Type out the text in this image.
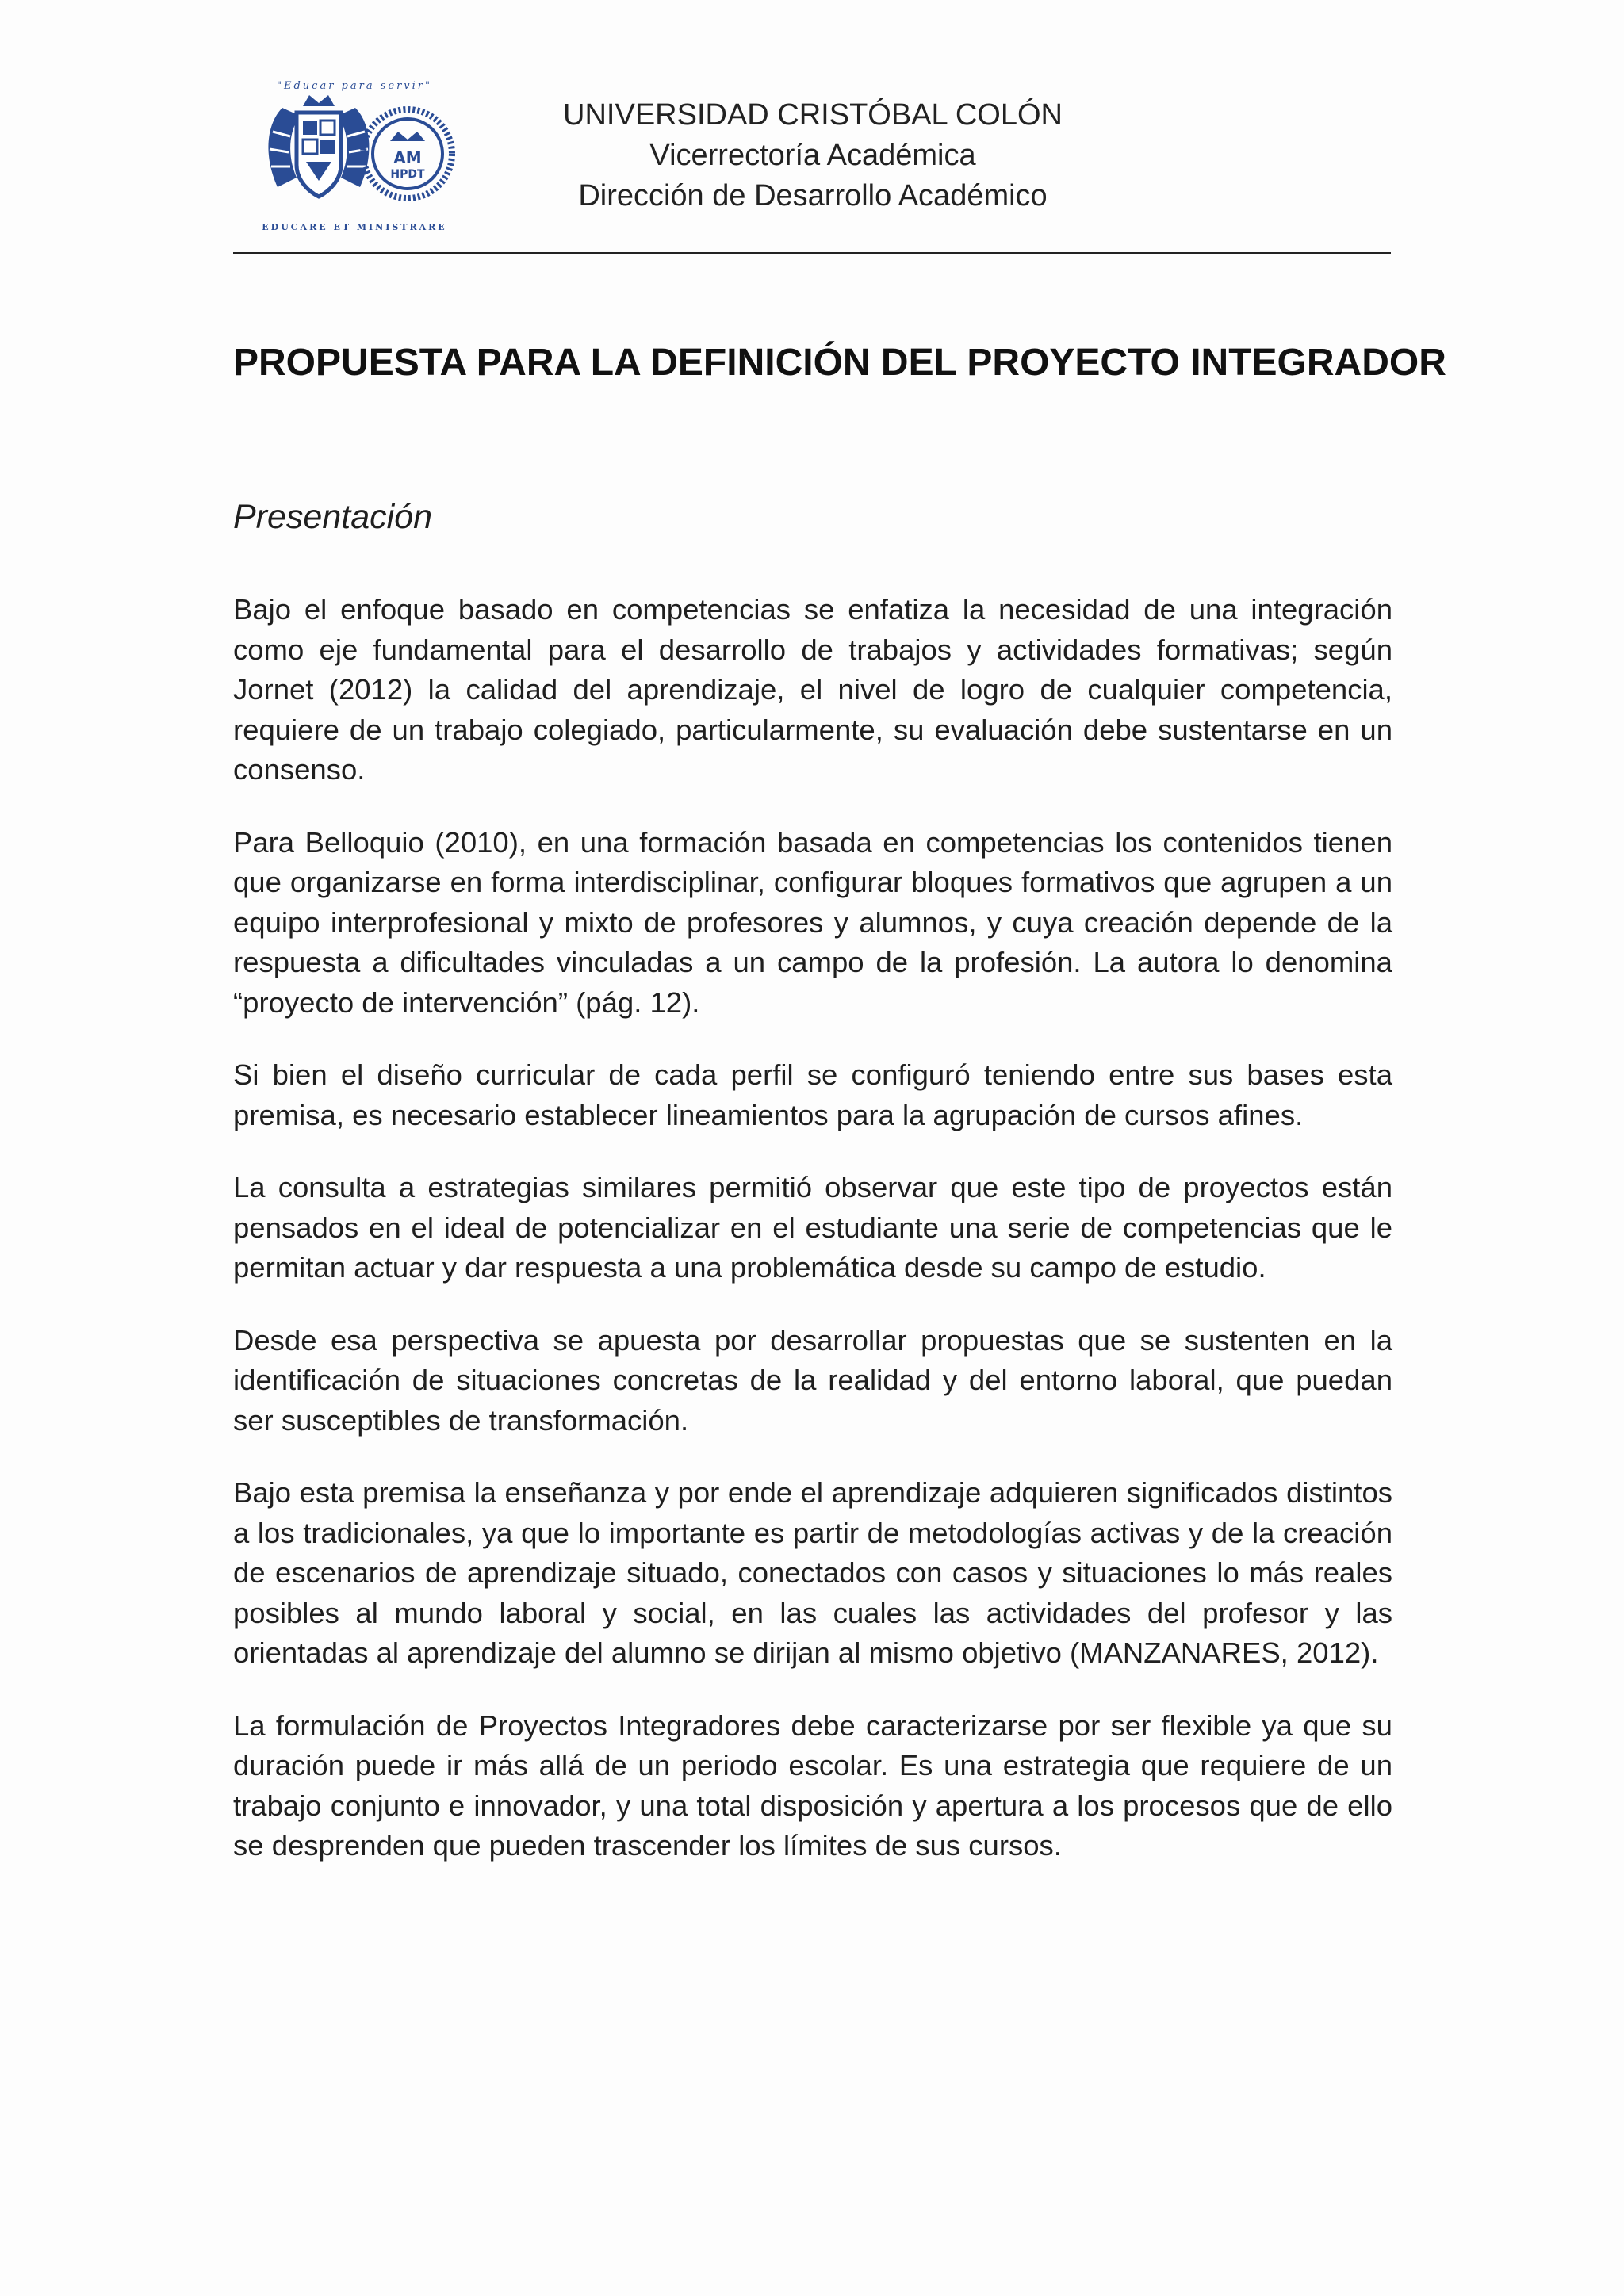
"Educar para servir"
AM
HPDT
EDUCARE ET MINISTRARE
UNIVERSIDAD CRISTÓBAL COLÓN
Vicerrectoría Académica
Dirección de Desarrollo Académico
PROPUESTA PARA LA DEFINICIÓN DEL PROYECTO INTEGRADOR
Presentación

Bajo el enfoque basado en competencias se enfatiza la necesidad de una integración como eje fundamental para el desarrollo de trabajos y actividades formativas; según Jornet (2012) la calidad del aprendizaje, el nivel de logro de cualquier competencia, requiere de un trabajo colegiado, particularmente, su evaluación debe sustentarse en un consenso.

Para Belloquio (2010), en una formación basada en competencias los contenidos tienen que organizarse en forma interdisciplinar, configurar bloques formativos que agrupen a un equipo interprofesional y mixto de profesores y alumnos, y cuya creación depende de la respuesta a dificultades vinculadas a un campo de la profesión. La autora lo denomina “proyecto de intervención” (pág. 12).

Si bien el diseño curricular de cada perfil se configuró teniendo entre sus bases esta premisa, es necesario establecer lineamientos para la agrupación de cursos afines.

La consulta a estrategias similares permitió observar que este tipo de proyectos están pensados en el ideal de potencializar en el estudiante una serie de competencias que le permitan actuar y dar respuesta a una problemática desde su campo de estudio.

Desde esa perspectiva se apuesta por desarrollar propuestas que se sustenten en la identificación de situaciones concretas de la realidad y del entorno laboral, que puedan ser susceptibles de transformación.

Bajo esta premisa la enseñanza y por ende el aprendizaje adquieren significados distintos a los tradicionales, ya que lo importante es partir de metodologías activas y de la creación de escenarios de aprendizaje situado, conectados con casos y situaciones lo más reales posibles al mundo laboral y social, en las cuales las actividades del profesor y las orientadas al aprendizaje del alumno se dirijan al mismo objetivo (MANZANARES, 2012).

La formulación de Proyectos Integradores debe caracterizarse por ser flexible ya que su duración puede ir más allá de un periodo escolar. Es una estrategia que requiere de un trabajo conjunto e innovador, y una total disposición y apertura a los procesos que de ello se desprenden que pueden trascender los límites de sus cursos.
